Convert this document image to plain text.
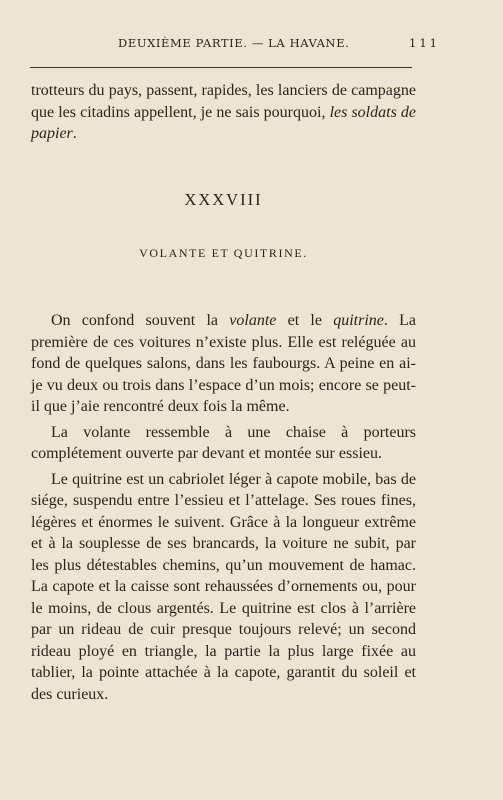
DEUXIÈME PARTIE. — LA HAVANE.	111

trotteurs du pays, passent, rapides, les lanciers de campagne que les citadins appellent, je ne sais pourquoi, les soldats de papier.

XXXVIII
VOLANTE ET QUITRINE.

On confond souvent la volante et le quitrine. La première de ces voitures n’existe plus. Elle est reléguée au fond de quelques salons, dans les faubourgs. A peine en ai-je vu deux ou trois dans l’espace d’un mois; encore se peut-il que j’aie rencontré deux fois la même.

La volante ressemble à une chaise à porteurs complétement ouverte par devant et montée sur essieu.

Le quitrine est un cabriolet léger à capote mobile, bas de siége, suspendu entre l’essieu et l’attelage. Ses roues fines, légères et énormes le suivent. Grâce à la longueur extrême et à la souplesse de ses brancards, la voiture ne subit, par les plus détestables chemins, qu’un mouvement de hamac. La capote et la caisse sont rehaussées d’ornements ou, pour le moins, de clous argentés. Le quitrine est clos à l’arrière par un rideau de cuir presque toujours relevé; un second rideau ployé en triangle, la partie la plus large fixée au tablier, la pointe attachée à la capote, garantit du soleil et des curieux.
